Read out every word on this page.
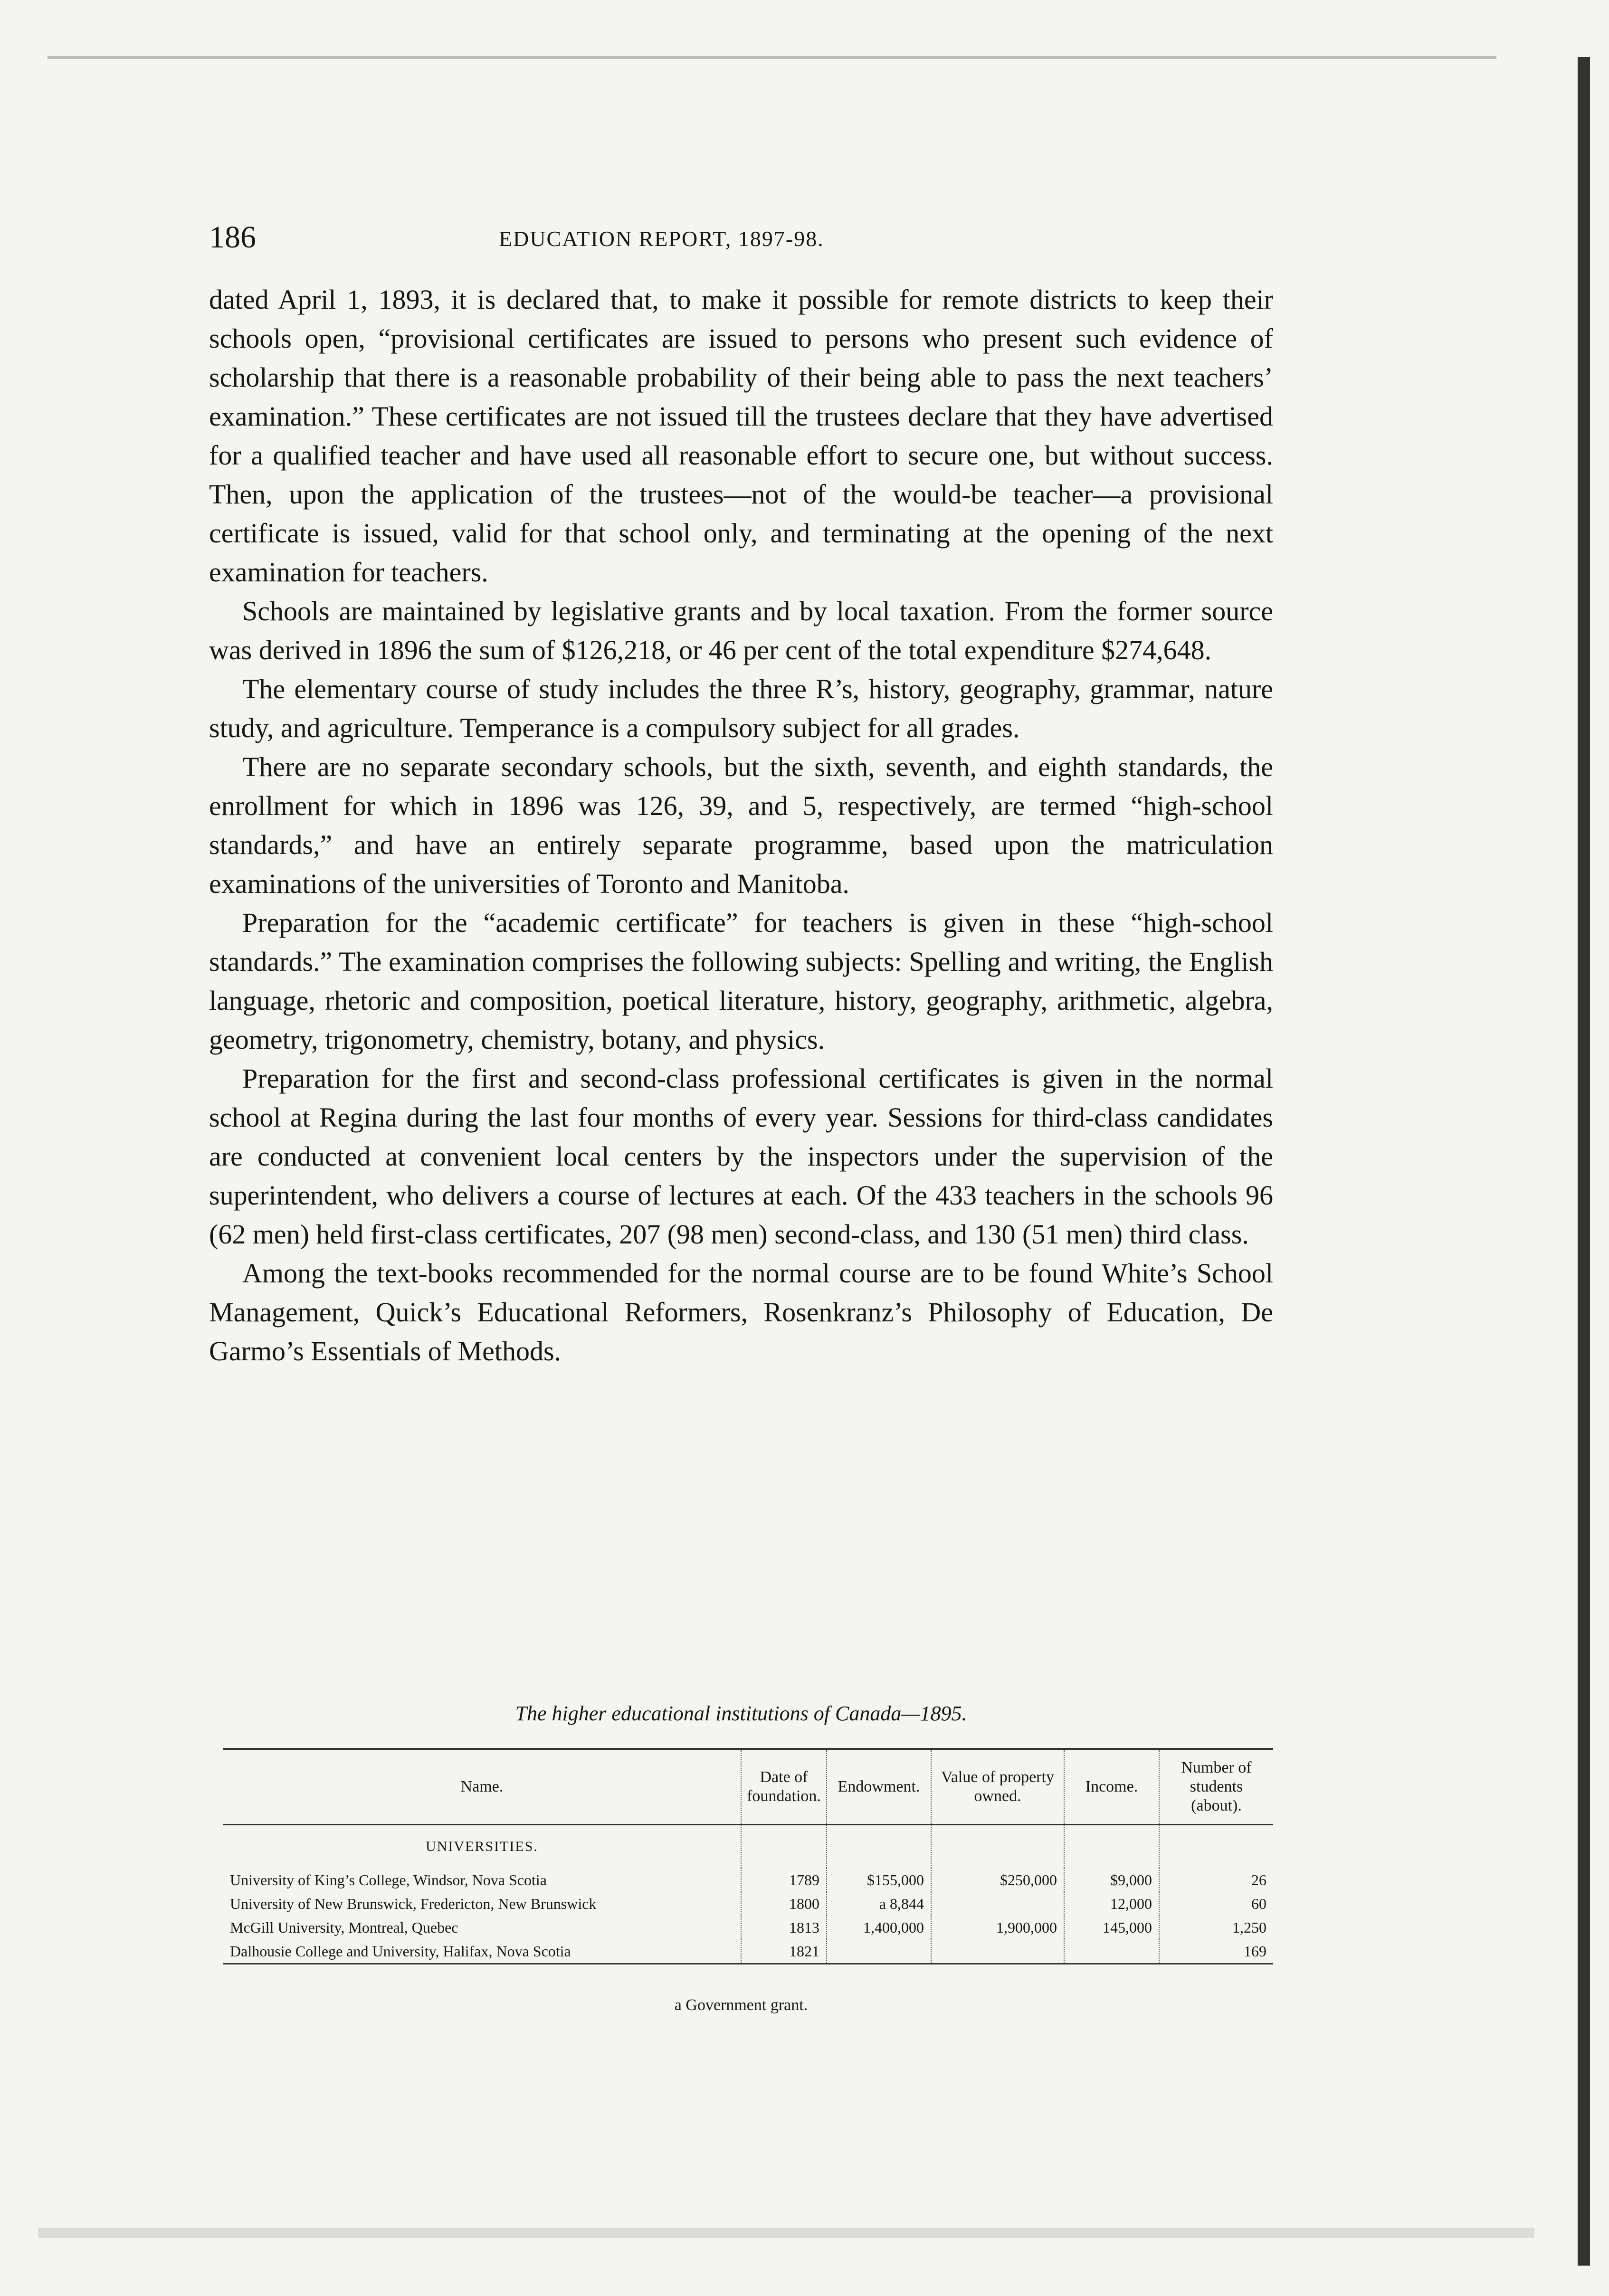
186	EDUCATION REPORT, 1897-98.

dated April 1, 1893, it is declared that, to make it possible for remote districts to keep their schools open, “provisional certificates are issued to persons who present such evidence of scholarship that there is a reasonable probability of their being able to pass the next teachers’ examination.” These certificates are not issued till the trustees declare that they have advertised for a qualified teacher and have used all reasonable effort to secure one, but without success. Then, upon the application of the trustees—not of the would-be teacher—a provisional certificate is issued, valid for that school only, and terminating at the opening of the next examination for teachers.

Schools are maintained by legislative grants and by local taxation. From the former source was derived in 1896 the sum of $126,218, or 46 per cent of the total expenditure $274,648.

The elementary course of study includes the three R’s, history, geography, grammar, nature study, and agriculture. Temperance is a compulsory subject for all grades.

There are no separate secondary schools, but the sixth, seventh, and eighth standards, the enrollment for which in 1896 was 126, 39, and 5, respectively, are termed “high-school standards,” and have an entirely separate programme, based upon the matriculation examinations of the universities of Toronto and Manitoba.

Preparation for the “academic certificate” for teachers is given in these “high-school standards.” The examination comprises the following subjects: Spelling and writing, the English language, rhetoric and composition, poetical literature, history, geography, arithmetic, algebra, geometry, trigonometry, chemistry, botany, and physics.

Preparation for the first and second-class professional certificates is given in the normal school at Regina during the last four months of every year. Sessions for third-class candidates are conducted at convenient local centers by the inspectors under the supervision of the superintendent, who delivers a course of lectures at each. Of the 433 teachers in the schools 96 (62 men) held first-class certificates, 207 (98 men) second-class, and 130 (51 men) third class.

Among the text-books recommended for the normal course are to be found White’s School Management, Quick’s Educational Reformers, Rosenkranz’s Philosophy of Education, De Garmo’s Essentials of Methods.

The higher educational institutions of Canada—1895.
Name.	Date of foundation.	Endowment.	Value of property owned.	Income.	Number of students (about).

UNIVERSITIES.					

University of King’s College, Windsor, Nova Scotia	1789	$155,000	$250,000	$9,000	26
University of New Brunswick, Fredericton, New Brunswick	1800	a 8,844		12,000	60
McGill University, Montreal, Quebec	1813	1,400,000	1,900,000	145,000	1,250
Dalhousie College and University, Halifax, Nova Scotia	1821				169
a Government grant.
